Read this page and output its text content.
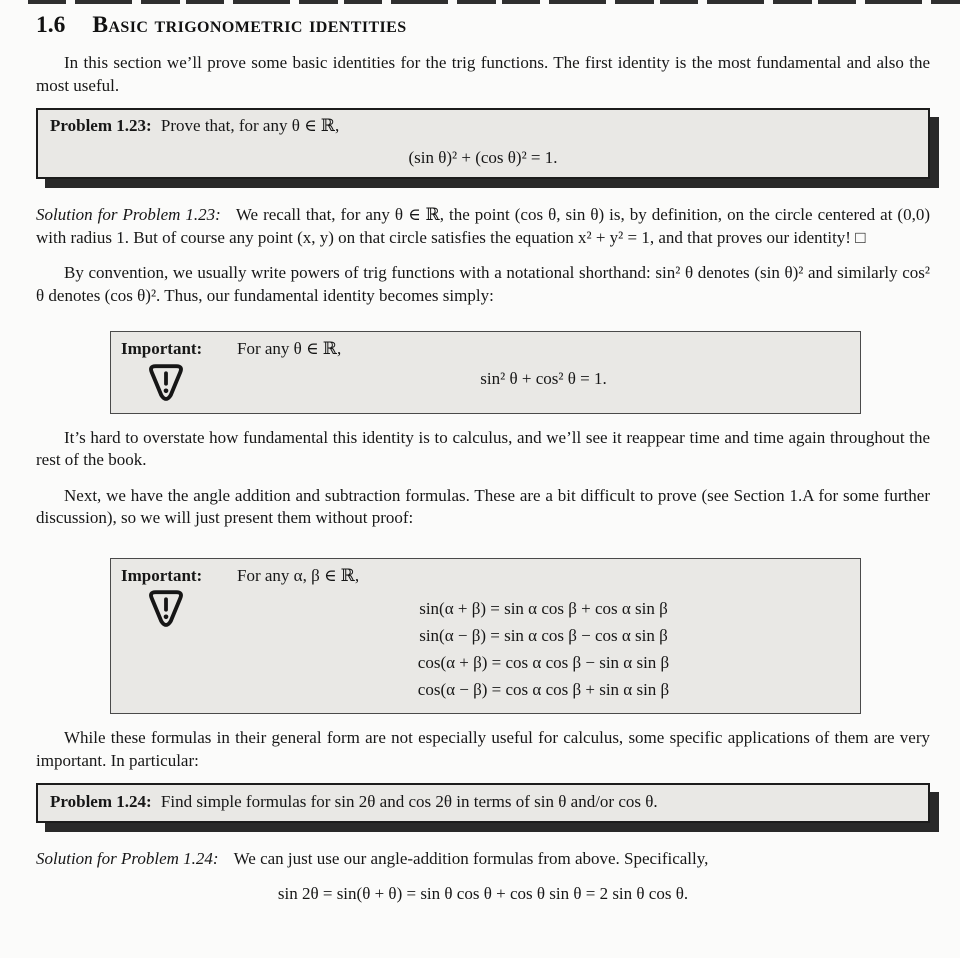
1.6 Basic trigonometric identities

In this section we’ll prove some basic identities for the trig functions. The first identity is the most fundamental and also the most useful.

Problem 1.23: Prove that, for any θ ∈ ℝ,

(sin θ)² + (cos θ)² = 1.

Solution for Problem 1.23: We recall that, for any θ ∈ ℝ, the point (cos θ, sin θ) is, by definition, on the circle centered at (0,0) with radius 1. But of course any point (x, y) on that circle satisfies the equation x² + y² = 1, and that proves our identity! □

By convention, we usually write powers of trig functions with a notational shorthand: sin² θ denotes (sin θ)² and similarly cos² θ denotes (cos θ)². Thus, our fundamental identity becomes simply:

Important:	For any θ ∈ ℝ,

sin² θ + cos² θ = 1.

It’s hard to overstate how fundamental this identity is to calculus, and we’ll see it reappear time and time again throughout the rest of the book.

Next, we have the angle addition and subtraction formulas. These are a bit difficult to prove (see Section 1.A for some further discussion), so we will just present them without proof:

Important:	For any α, β ∈ ℝ,

sin(α + β) = sin α cos β + cos α sin β
sin(α − β) = sin α cos β − cos α sin β
cos(α + β) = cos α cos β − sin α sin β
cos(α − β) = cos α cos β + sin α sin β

While these formulas in their general form are not especially useful for calculus, some specific applications of them are very important. In particular:

Problem 1.24: Find simple formulas for sin 2θ and cos 2θ in terms of sin θ and/or cos θ.

Solution for Problem 1.24: We can just use our angle-addition formulas from above. Specifically,

sin 2θ = sin(θ + θ) = sin θ cos θ + cos θ sin θ = 2 sin θ cos θ.
